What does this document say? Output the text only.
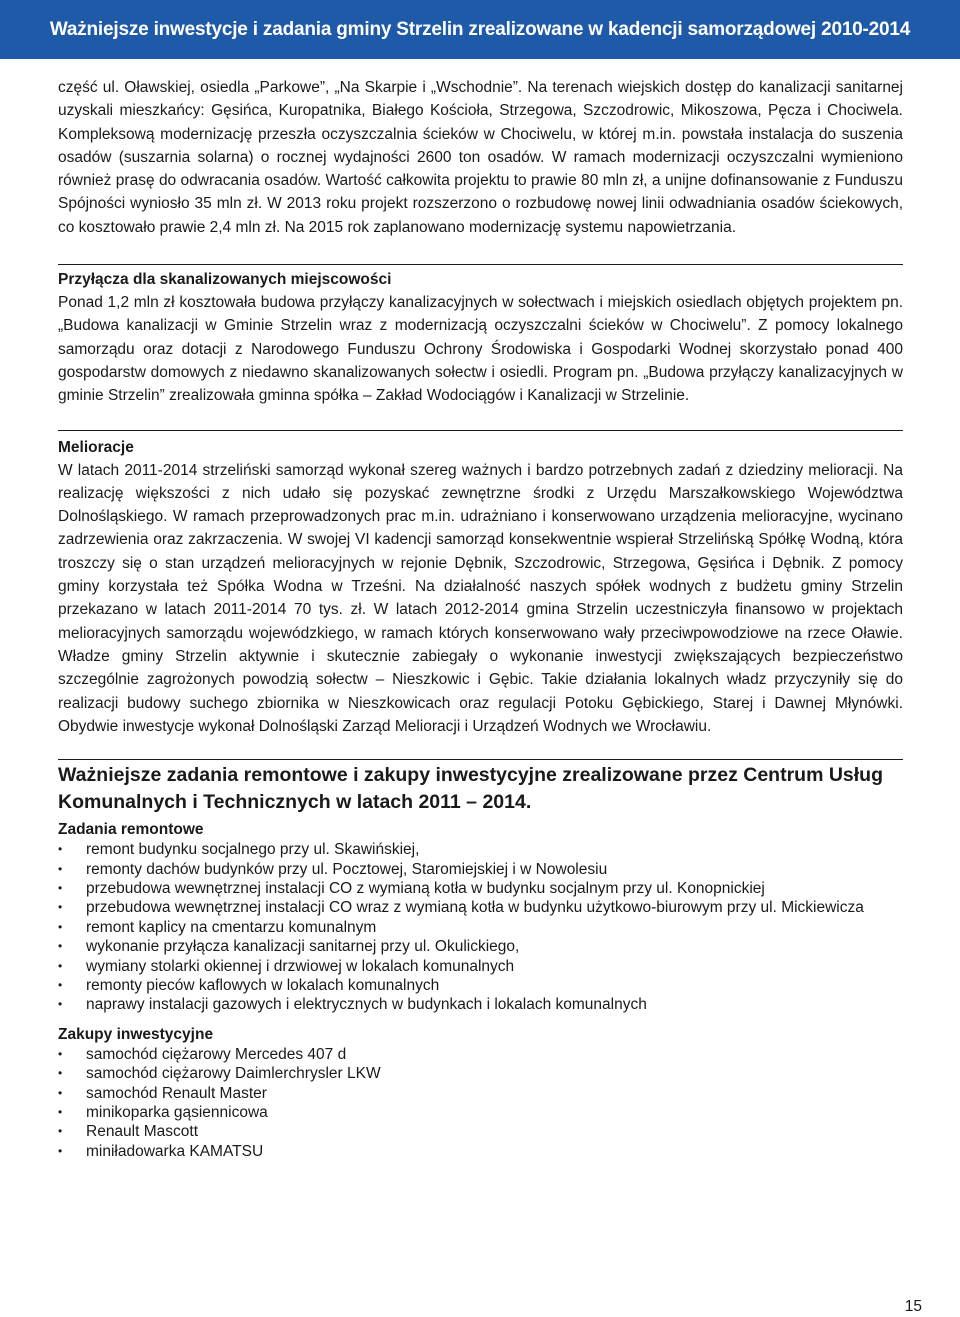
Ważniejsze inwestycje i zadania gminy Strzelin zrealizowane w kadencji samorządowej 2010-2014

część ul. Oławskiej, osiedla „Parkowe”, „Na Skarpie i „Wschodnie”. Na terenach wiejskich dostęp do kanalizacji sanitarnej uzyskali mieszkańcy: Gęsińca, Kuropatnika, Białego Kościoła, Strzegowa, Szczodrowic, Mikoszowa, Pęcza i Chociwela. Kompleksową modernizację przeszła oczyszczalnia ścieków w Chociwelu, w której m.in. powstała instalacja do suszenia osadów (suszarnia solarna) o rocznej wydajności 2600 ton osadów. W ramach modernizacji oczyszczalni wymieniono również prasę do odwracania osadów. Wartość całkowita projektu to prawie 80 mln zł, a unijne dofinansowanie z Funduszu Spójności wyniosło 35 mln zł. W 2013 roku projekt rozszerzono o rozbudowę nowej linii odwadniania osadów ściekowych, co kosztowało prawie 2,4 mln zł. Na 2015 rok zaplanowano modernizację systemu napowietrzania.

Przyłącza dla skanalizowanych miejscowości

Ponad 1,2 mln zł kosztowała budowa przyłączy kanalizacyjnych w sołectwach i miejskich osiedlach objętych projektem pn. „Budowa kanalizacji w Gminie Strzelin wraz z modernizacją oczyszczalni ścieków w Chociwelu”. Z pomocy lokalnego samorządu oraz dotacji z Narodowego Funduszu Ochrony Środowiska i Gospodarki Wodnej skorzystało ponad 400 gospodarstw domowych z niedawno skanalizowanych sołectw i osiedli. Program pn. „Budowa przyłączy kanalizacyjnych w gminie Strzelin” zrealizowała gminna spółka – Zakład Wodociągów i Kanalizacji w Strzelinie.

Melioracje

W latach 2011-2014 strzeliński samorząd wykonał szereg ważnych i bardzo potrzebnych zadań z dziedziny melioracji. Na realizację większości z nich udało się pozyskać zewnętrzne środki z Urzędu Marszałkowskiego Województwa Dolnośląskiego. W ramach przeprowadzonych prac m.in. udrażniano i konserwowano urządzenia melioracyjne, wycinano zadrzewienia oraz zakrzaczenia. W swojej VI kadencji samorząd konsekwentnie wspierał Strzelińską Spółkę Wodną, która troszczy się o stan urządzeń melioracyjnych w rejonie Dębnik, Szczodrowic, Strzegowa, Gęsińca i Dębnik. Z pomocy gminy korzystała też Spółka Wodna w Trześni. Na działalność naszych spółek wodnych z budżetu gminy Strzelin przekazano w latach 2011-2014 70 tys. zł. W latach 2012-2014 gmina Strzelin uczestniczyła finansowo w projektach melioracyjnych samorządu wojewódzkiego, w ramach których konserwowano wały przeciwpowodziowe na rzece Oławie. Władze gminy Strzelin aktywnie i skutecznie zabiegały o wykonanie inwestycji zwiększających bezpieczeństwo szczególnie zagrożonych powodzią sołectw – Nieszkowic i Gębic. Takie działania lokalnych władz przyczyniły się do realizacji budowy suchego zbiornika w Nieszkowicach oraz regulacji Potoku Gębickiego, Starej i Dawnej Młynówki. Obydwie inwestycje wykonał Dolnośląski Zarząd Melioracji i Urządzeń Wodnych we Wrocławiu.

Ważniejsze zadania remontowe i zakupy inwestycyjne zrealizowane przez Centrum Usług Komunalnych i Technicznych w latach 2011 – 2014.
Zadania remontowe
• remont budynku socjalnego przy ul. Skawińskiej,
• remonty dachów budynków przy ul. Pocztowej, Staromiejskiej i w Nowolesiu
• przebudowa wewnętrznej instalacji CO z wymianą kotła w budynku socjalnym przy ul. Konopnickiej
• przebudowa wewnętrznej instalacji CO wraz z wymianą kotła w budynku użytkowo-biurowym przy ul. Mickiewicza
• remont kaplicy na cmentarzu komunalnym
• wykonanie przyłącza kanalizacji sanitarnej przy ul. Okulickiego,
• wymiany stolarki okiennej i drzwiowej w lokalach komunalnych
• remonty pieców kaflowych w lokalach komunalnych
• naprawy instalacji gazowych i elektrycznych w budynkach i lokalach komunalnych
Zakupy inwestycyjne
• samochód ciężarowy Mercedes 407 d
• samochód ciężarowy Daimlerchrysler LKW
• samochód Renault Master
• minikoparka gąsiennicowa
• Renault Mascott
• miniładowarka KAMATSU
15
